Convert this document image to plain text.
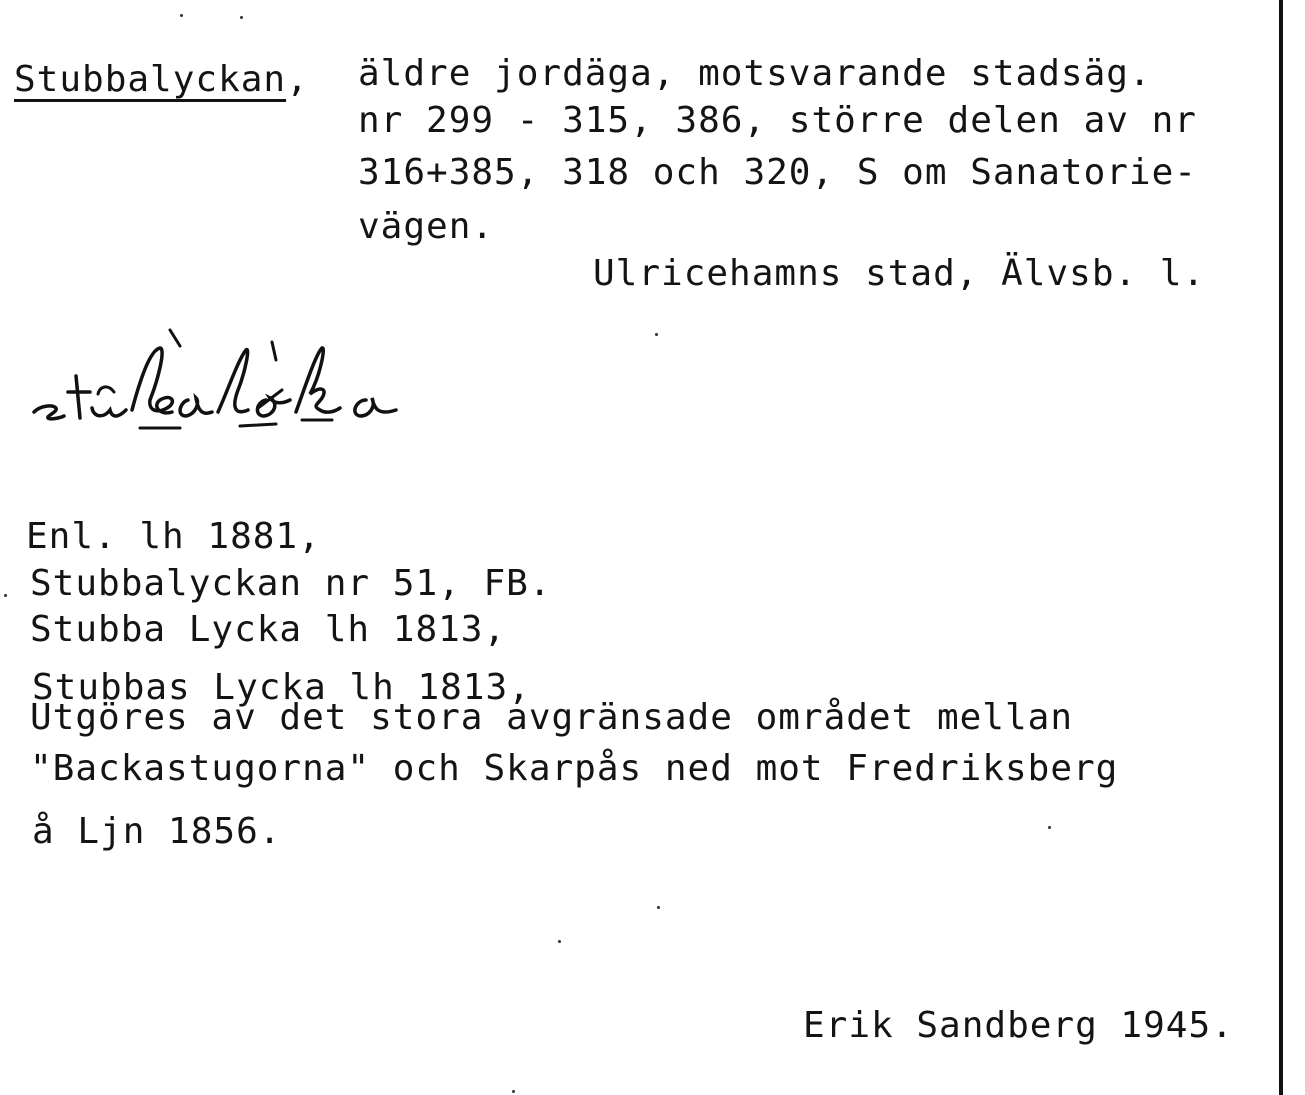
Stubbalyckan, äldre jordäga, motsvarande stadsäg.
nr 299 - 315, 386, större delen av nr
316+385, 318 och 320, S om Sanatorie-
vägen.
Ulricehamns stad, Älvsb. l.
Enl. lh 1881,
Stubbalyckan nr 51, FB.
Stubba Lycka lh 1813,
Stubbas Lycka lh 1813,
Utgöres av det stora avgränsade området mellan
"Backastugorna" och Skarpås ned mot Fredriksberg
å Ljn 1856.
Erik Sandberg 1945.
